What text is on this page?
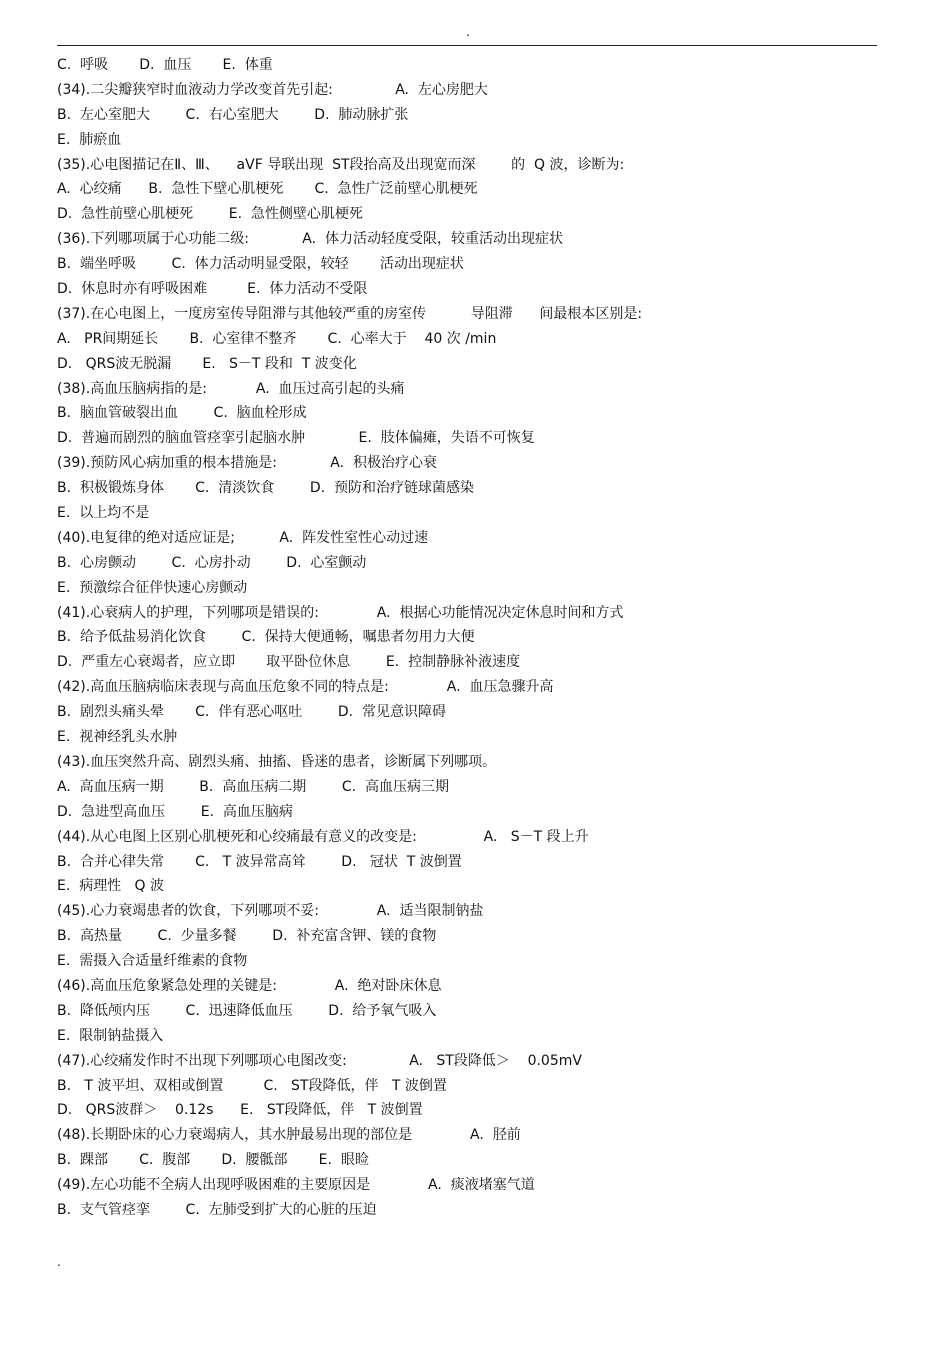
.
C.  呼吸       D.  血压       E.  体重
(34).二尖瓣狭窄时血液动力学改变首先引起:              A.  左心房肥大
B.  左心室肥大        C.  右心室肥大        D.  肺动脉扩张
E.  肺瘀血
(35).心电图描记在Ⅱ、Ⅲ、    aVF 导联出现  ST段抬高及出现宽而深        的  Q 波，诊断为:
A.  心绞痛      B.  急性下壁心肌梗死       C.  急性广泛前壁心肌梗死
D.  急性前壁心肌梗死        E.  急性侧壁心肌梗死
(36).下列哪项属于心功能二级:            A.  体力活动轻度受限，较重活动出现症状
B.  端坐呼吸        C.  体力活动明显受限，较轻       活动出现症状
D.  休息时亦有呼吸困难         E.  体力活动不受限
(37).在心电图上，一度房室传导阻滞与其他较严重的房室传          导阻滞      间最根本区别是:
A.   PR间期延长       B.  心室律不整齐       C.  心率大于    40 次 /min
D.   QRS波无脱漏       E.   S－T 段和  T 波变化
(38).高血压脑病指的是:           A.  血压过高引起的头痛
B.  脑血管破裂出血        C.  脑血栓形成
D.  普遍而剧烈的脑血管痉挛引起脑水肿            E.  肢体偏瘫，失语不可恢复
(39).预防风心病加重的根本措施是:            A.  积极治疗心衰
B.  积极锻炼身体       C.  清淡饮食        D.  预防和治疗链球菌感染
E.  以上均不是
(40).电复律的绝对适应证是;          A.  阵发性室性心动过速
B.  心房颤动        C.  心房扑动        D.  心室颤动
E.  预激综合征伴快速心房颤动
(41).心衰病人的护理，下列哪项是错误的:             A.  根据心功能情况决定休息时间和方式
B.  给予低盐易消化饮食        C.  保持大便通畅，嘱患者勿用力大便
D.  严重左心衰竭者，应立即       取平卧位休息        E.  控制静脉补液速度
(42).高血压脑病临床表现与高血压危象不同的特点是:             A.  血压急骤升高
B.  剧烈头痛头晕       C.  伴有恶心呕吐        D.  常见意识障碍
E.  视神经乳头水肿
(43).血压突然升高、剧烈头痛、抽搐、昏迷的患者，诊断属下列哪项。
A.  高血压病一期        B.  高血压病二期        C.  高血压病三期
D.  急进型高血压        E.  高血压脑病
(44).从心电图上区别心肌梗死和心绞痛最有意义的改变是:               A.   S－T 段上升
B.  合并心律失常       C.   T 波异常高耸        D.   冠状  T 波倒置
E.  病理性   Q 波
(45).心力衰竭患者的饮食，下列哪项不妥:             A.  适当限制钠盐
B.  高热量        C.  少量多餐        D.  补充富含钾、镁的食物
E.  需摄入合适量纤维素的食物
(46).高血压危象紧急处理的关键是:             A.  绝对卧床休息
B.  降低颅内压        C.  迅速降低血压        D.  给予氧气吸入
E.  限制钠盐摄入
(47).心绞痛发作时不出现下列哪项心电图改变:              A.   ST段降低＞    0.05mV
B.   T 波平坦、双相或倒置         C.   ST段降低，伴   T 波倒置
D.   QRS波群＞    0.12s      E.   ST段降低，伴   T 波倒置
(48).长期卧床的心力衰竭病人，其水肿最易出现的部位是             A.  胫前
B.  踝部       C.  腹部       D.  腰骶部       E.  眼睑
(49).左心功能不全病人出现呼吸困难的主要原因是             A.  痰液堵塞气道
B.  支气管痉挛        C.  左肺受到扩大的心脏的压迫
.
